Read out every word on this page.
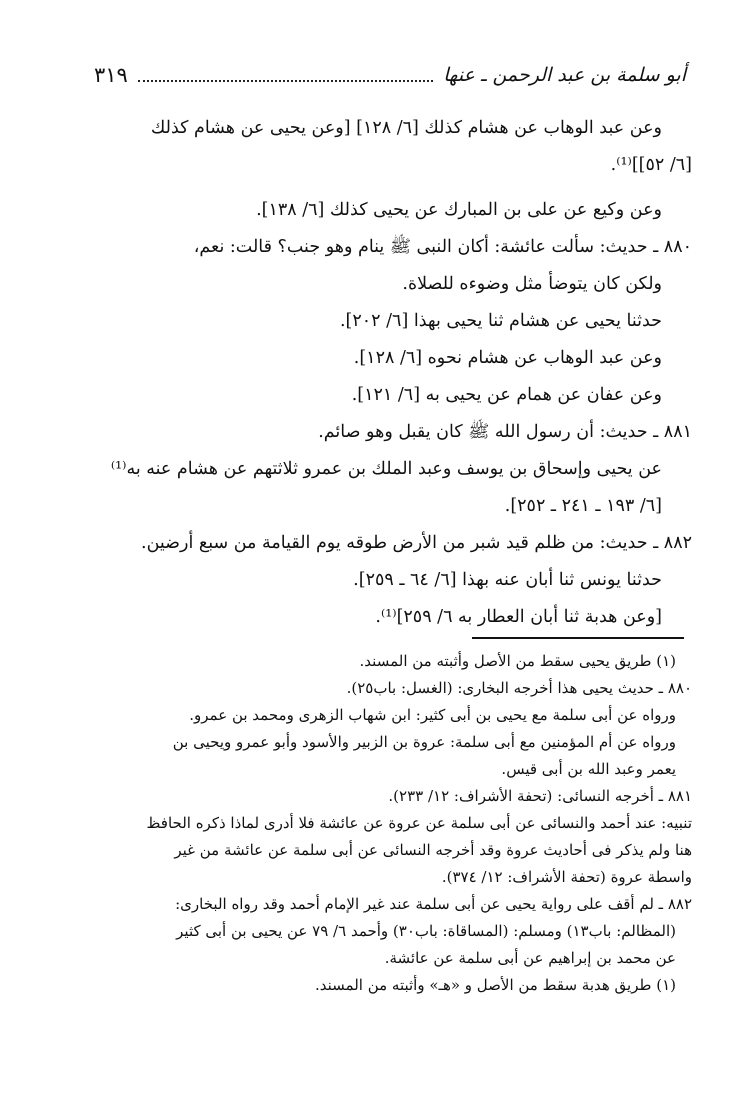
أبو سلمة بن عبد الرحمن ـ عنها
٣١٩
وعن عبد الوهاب عن هشام كذلك [٦/ ١٢٨] [وعن يحيى عن هشام كذلك
[٦/ ٥٢]]⁽¹⁾.
وعن وكيع عن على بن المبارك عن يحيى كذلك [٦/ ١٣٨].
٨٨٠ ـ حديث: سألت عائشة: أكان النبى ﷺ ينام وهو جنب؟ قالت: نعم،
ولكن كان يتوضأ مثل وضوءه للصلاة.
حدثنا يحيى عن هشام ثنا يحيى بهذا [٦/ ٢٠٢].
وعن عبد الوهاب عن هشام نحوه [٦/ ١٢٨].
وعن عفان عن همام عن يحيى به [٦/ ١٢١].
٨٨١ ـ حديث: أن رسول الله ﷺ كان يقبل وهو صائم.
عن يحيى وإسحاق بن يوسف وعبد الملك بن عمرو ثلاثتهم عن هشام عنه به⁽¹⁾
[٦/ ١٩٣ ـ ٢٤١ ـ ٢٥٢].
٨٨٢ ـ حديث: من ظلم قيد شبر من الأرض طوقه يوم القيامة من سبع أرضين.
حدثنا يونس ثنا أبان عنه بهذا [٦/ ٦٤ ـ ٢٥٩].
[وعن هدبة ثنا أبان العطار به ٦/ ٢٥٩]⁽¹⁾.
(١) طريق يحيى سقط من الأصل وأثبته من المسند.
٨٨٠ ـ حديث يحيى هذا أخرجه البخارى: (الغسل: باب٢٥).
ورواه عن أبى سلمة مع يحيى بن أبى كثير: ابن شهاب الزهرى ومحمد بن عمرو.
ورواه عن أم المؤمنين مع أبى سلمة: عروة بن الزبير والأسود وأبو عمرو ويحيى بن
يعمر وعبد الله بن أبى قيس.
٨٨١ ـ أخرجه النسائى: (تحفة الأشراف: ١٢/ ٢٣٣).
تنبيه: عند أحمد والنسائى عن أبى سلمة عن عروة عن عائشة فلا أدرى لماذا ذكره الحافظ
هنا ولم يذكر فى أحاديث عروة وقد أخرجه النسائى عن أبى سلمة عن عائشة من غير
واسطة عروة (تحفة الأشراف: ١٢/ ٣٧٤).
٨٨٢ ـ لم أقف على رواية يحيى عن أبى سلمة عند غير الإمام أحمد وقد رواه البخارى:
(المظالم: باب١٣) ومسلم: (المساقاة: باب٣٠) وأحمد ٦/ ٧٩ عن يحيى بن أبى كثير
عن محمد بن إبراهيم عن أبى سلمة عن عائشة.
(١) طريق هدبة سقط من الأصل و «هـ» وأثبته من المسند.
